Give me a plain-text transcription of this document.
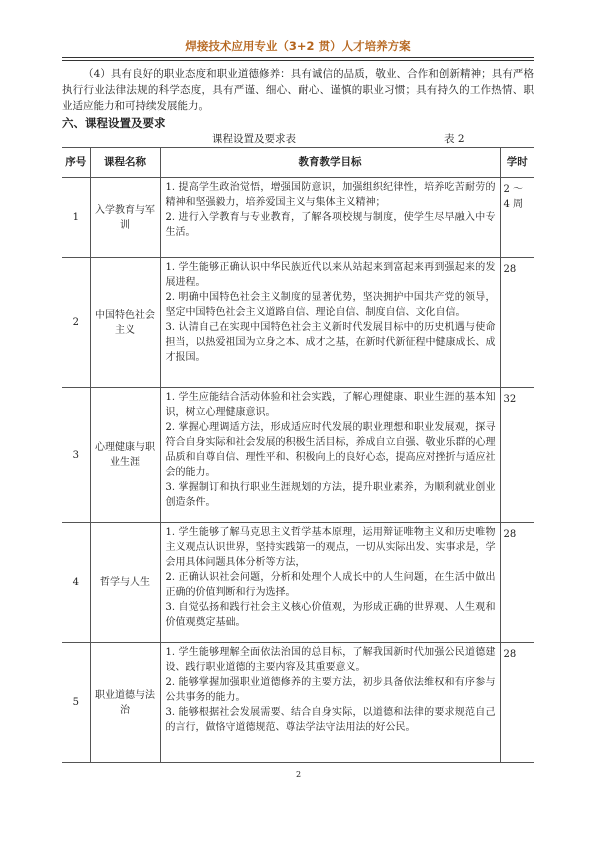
焊接技术应用专业（3+2 贯）人才培养方案

（4）具有良好的职业态度和职业道德修养：具有诚信的品质，敬业、合作和创新精神；具有严格执行行业法律法规的科学态度，具有严谨、细心、耐心、谨慎的职业习惯；具有持久的工作热情、职业适应能力和可持续发展能力。

六、课程设置及要求
课程设置及要求表	表 2
序号	课程名称	教育教学目标	学时
1	入学教育与军训	1. 提高学生政治觉悟，增强国防意识，加强组织纪律性，培养吃苦耐劳的精神和坚强毅力，培养爱国主义与集体主义精神；
2. 进行入学教育与专业教育，了解各项校规与制度，使学生尽早融入中专生活。	2 ～ 4 周
2	中国特色社会主义	1. 学生能够正确认识中华民族近代以来从站起来到富起来再到强起来的发展进程。
2. 明确中国特色社会主义制度的显著优势，坚决拥护中国共产党的领导，坚定中国特色社会主义道路自信、理论自信、制度自信、文化自信。
3. 认清自己在实现中国特色社会主义新时代发展目标中的历史机遇与使命担当，以热爱祖国为立身之本、成才之基，在新时代新征程中健康成长、成才报国。	28
3	心理健康与职业生涯	1. 学生应能结合活动体验和社会实践，了解心理健康、职业生涯的基本知识，树立心理健康意识。
2. 掌握心理调适方法，形成适应时代发展的职业理想和职业发展观，探寻符合自身实际和社会发展的积极生活目标，养成自立自强、敬业乐群的心理品质和自尊自信、理性平和、积极向上的良好心态，提高应对挫折与适应社会的能力。
3. 掌握制订和执行职业生涯规划的方法，提升职业素养，为顺利就业创业创造条件。	32
4	哲学与人生	1. 学生能够了解马克思主义哲学基本原理，运用辩证唯物主义和历史唯物主义观点认识世界，坚持实践第一的观点，一切从实际出发、实事求是，学会用具体问题具体分析等方法，
2. 正确认识社会问题，分析和处理个人成长中的人生问题，在生活中做出正确的价值判断和行为选择。
3. 自觉弘扬和践行社会主义核心价值观，为形成正确的世界观、人生观和价值观奠定基础。	28
5	职业道德与法治	1. 学生能够理解全面依法治国的总目标，了解我国新时代加强公民道德建设、践行职业道德的主要内容及其重要意义。
2. 能够掌握加强职业道德修养的主要方法，初步具备依法维权和有序参与公共事务的能力。
3. 能够根据社会发展需要、结合自身实际，以道德和法律的要求规范自己的言行，做恪守道德规范、尊法学法守法用法的好公民。	28
2
